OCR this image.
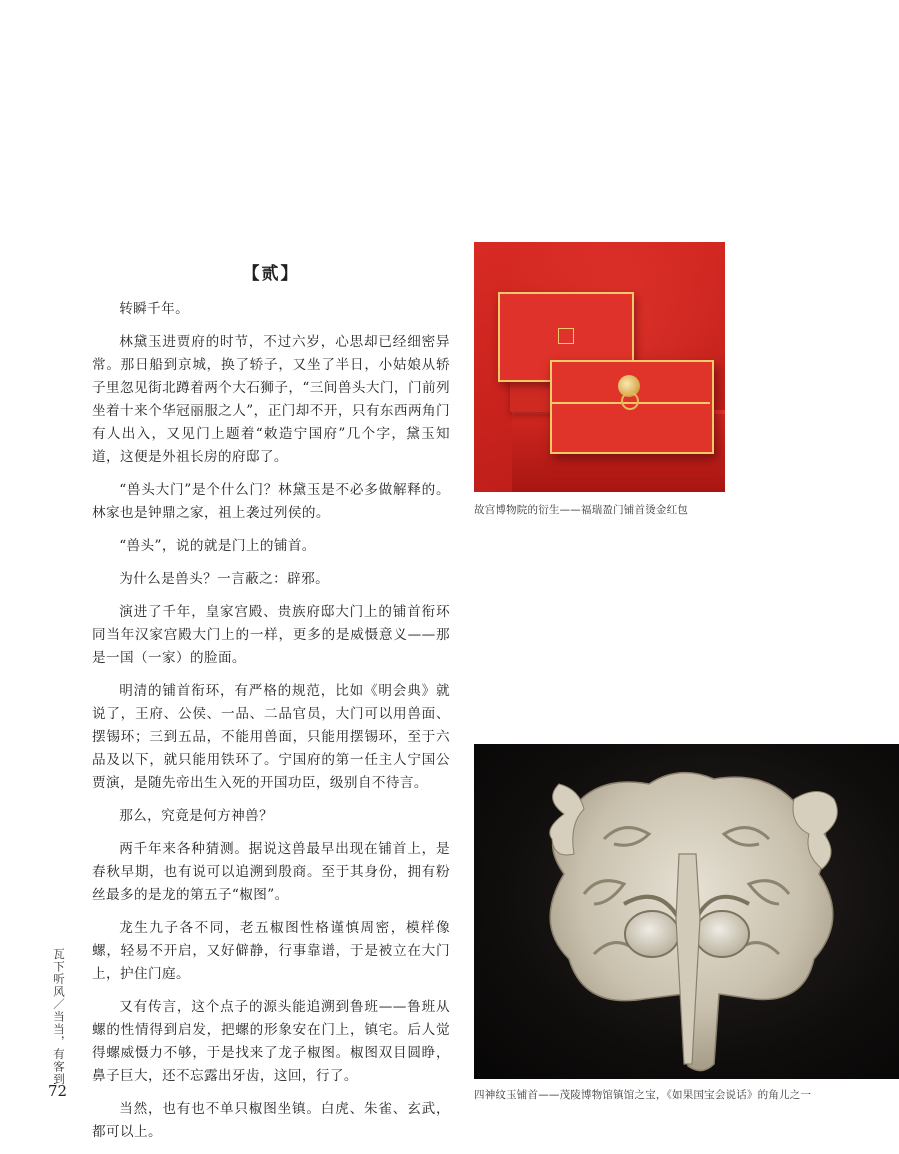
【贰】

转瞬千年。

林黛玉进贾府的时节，不过六岁，心思却已经细密异常。那日船到京城，换了轿子，又坐了半日，小姑娘从轿子里忽见街北蹲着两个大石狮子，“三间兽头大门，门前列坐着十来个华冠丽服之人”，正门却不开，只有东西两角门有人出入，又见门上题着“敕造宁国府”几个字，黛玉知道，这便是外祖长房的府邸了。

“兽头大门”是个什么门？林黛玉是不必多做解释的。林家也是钟鼎之家，祖上袭过列侯的。

“兽头”，说的就是门上的铺首。

为什么是兽头？一言蔽之：辟邪。

演进了千年，皇家宫殿、贵族府邸大门上的铺首衔环同当年汉家宫殿大门上的一样，更多的是威慑意义——那是一国（一家）的脸面。

明清的铺首衔环，有严格的规范，比如《明会典》就说了，王府、公侯、一品、二品官员，大门可以用兽面、摆锡环；三到五品，不能用兽面，只能用摆锡环，至于六品及以下，就只能用铁环了。宁国府的第一任主人宁国公贾演，是随先帝出生入死的开国功臣，级别自不待言。

那么，究竟是何方神兽？

两千年来各种猜测。据说这兽最早出现在铺首上，是春秋早期，也有说可以追溯到殷商。至于其身份，拥有粉丝最多的是龙的第五子“椒图”。

龙生九子各不同，老五椒图性格谨慎周密，模样像螺，轻易不开启，又好僻静，行事靠谱，于是被立在大门上，护住门庭。

又有传言，这个点子的源头能追溯到鲁班——鲁班从螺的性情得到启发，把螺的形象安在门上，镇宅。后人觉得螺威慑力不够，于是找来了龙子椒图。椒图双目圆睁，鼻子巨大，还不忘露出牙齿，这回，行了。

当然，也有也不单只椒图坐镇。白虎、朱雀、玄武，都可以上。

故宫博物院的衍生——福瑞盈门铺首烫金红包
四神纹玉铺首——茂陵博物馆镇馆之宝，《如果国宝会说话》的角儿之一
瓦下听风／当当，有客到
72
